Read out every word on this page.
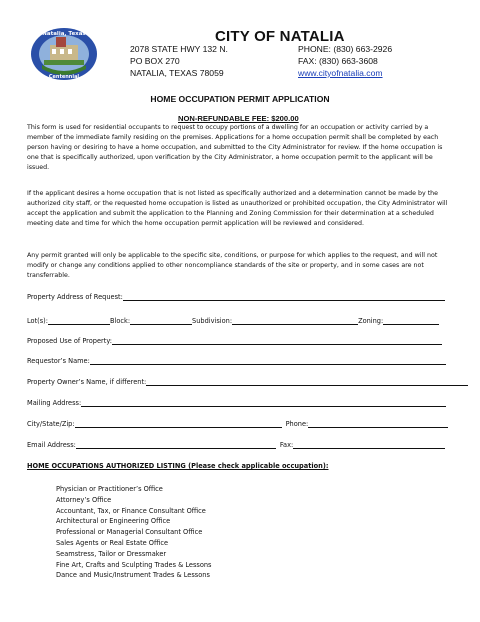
Natalia, Texas
Centennial
CITY OF NATALIA
2078 STATE HWY 132 N.
PO BOX 270
NATALIA, TEXAS 78059
PHONE: (830) 663-2926
FAX: (830) 663-3608
www.cityofnatalia.com
HOME OCCUPATION PERMIT APPLICATION
NON-REFUNDABLE FEE: $200.00
This form is used for residential occupants to request to occupy portions of a dwelling for an occupation or activity carried by a member of the immediate family residing on the premises. Applications for a home occupation permit shall be completed by each person having or desiring to have a home occupation, and submitted to the City Administrator for review. If the home occupation is one that is specifically authorized, upon verification by the City Administrator, a home occupation permit to the applicant will be issued.
If the applicant desires a home occupation that is not listed as specifically authorized and a determination cannot be made by the authorized city staff, or the requested home occupation is listed as unauthorized or prohibited occupation, the City Administrator will accept the application and submit the application to the Planning and Zoning Commission for their determination at a scheduled meeting date and time for which the home occupation permit application will be reviewed and considered.
Any permit granted will only be applicable to the specific site, conditions, or purpose for which applies to the request, and will not modify or change any conditions applied to other noncompliance standards of the site or property, and in some cases are not transferrable.
Property Address of Request:
Lot(s):	Block:	Subdivision:	Zoning:
Proposed Use of Property:
Requestor’s Name:
Property Owner’s Name, if different:
Mailing Address:
City/State/Zip:	Phone:
Email Address:	Fax:
HOME OCCUPATIONS AUTHORIZED LISTING (Please check applicable occupation):
Physician or Practitioner’s Office
Attorney’s Office
Accountant, Tax, or Finance Consultant Office
Architectural or Engineering Office
Professional or Managerial Consultant Office
Sales Agents or Real Estate Office
Seamstress, Tailor or Dressmaker
Fine Art, Crafts and Sculpting Trades & Lessons
Dance and Music/Instrument Trades & Lessons
